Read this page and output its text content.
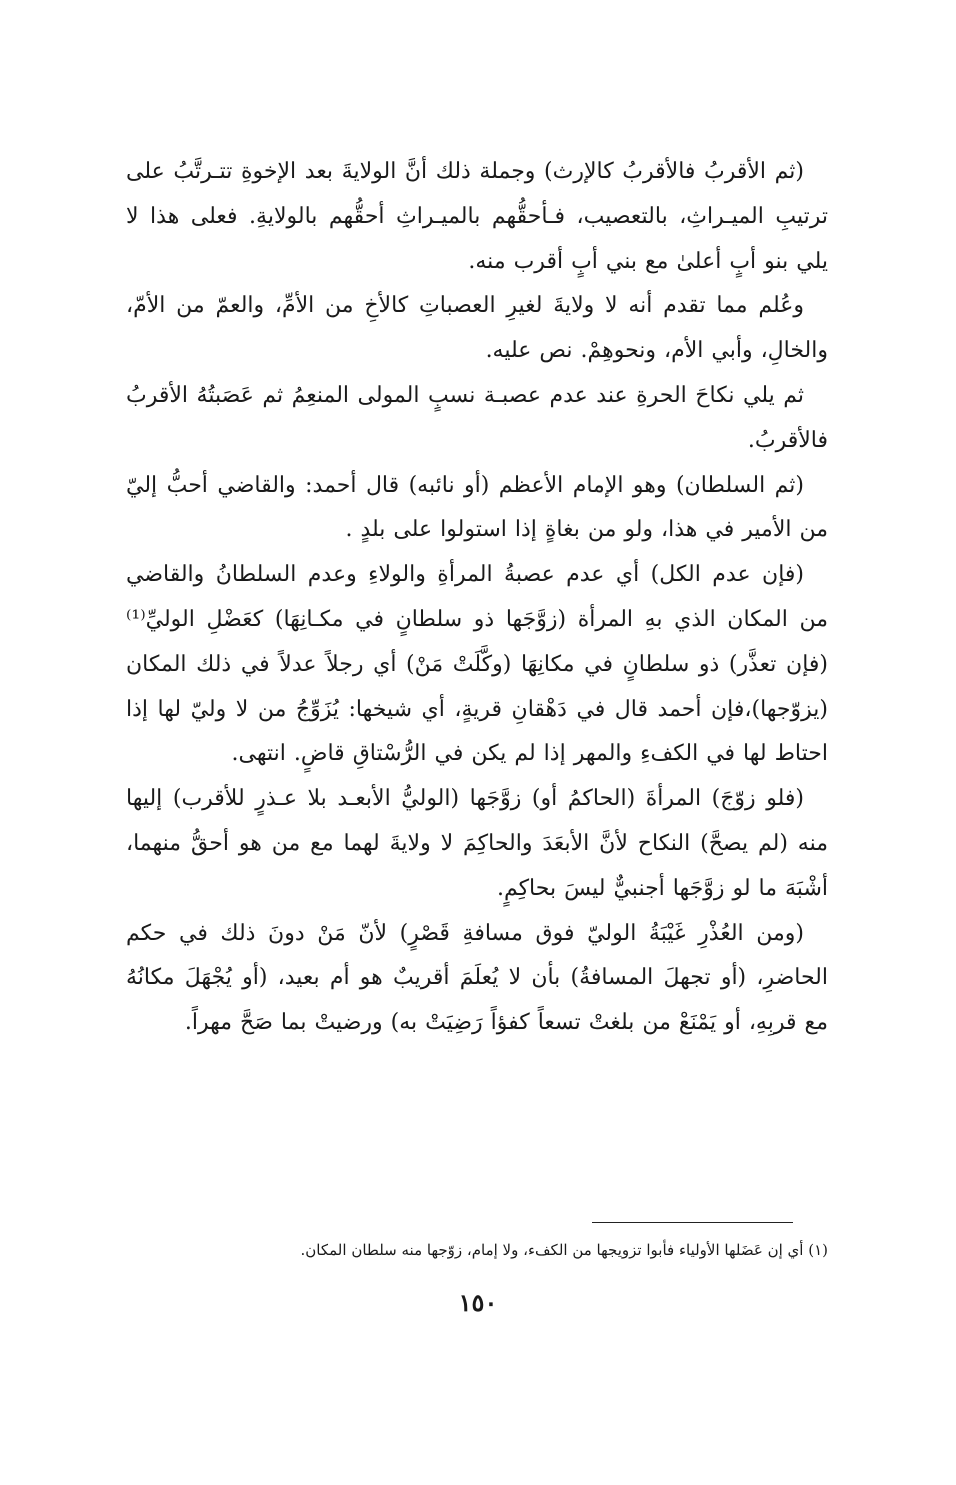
(ثم الأقربُ فالأقربُ كالإرث) وجملة ذلك أنَّ الولايةَ بعد الإخوةِ تتـرتَّبُ على ترتيبِ الميـراثِ، بالتعصيب، فـأحقُّهم بالميـراثِ أحقُّهم بالولايةِ. فعلى هذا لا يلي بنو أبٍ أعلىٰ مع بني أبٍ أقرب منه.

وعُلم مما تقدم أنه لا ولايةَ لغيرِ العصباتِ كالأخِ من الأمِّ، والعمّ من الأمّ، والخالِ، وأبي الأم، ونحوهِمْ. نص عليه.

ثم يلي نكاحَ الحرةِ عند عدم عصبـة نسبٍ المولى المنعِمُ ثم عَصَبتُهُ الأقربُ فالأقربُ.

(ثم السلطان) وهو الإمام الأعظم (أو نائبه) قال أحمد: والقاضي أحبُّ إليّ من الأمير في هذا، ولو من بغاةٍ إذا استولوا على بلدٍ .

(فإن عدم الكل) أي عدم عصبةُ المرأةِ والولاءِ وعدم السلطانُ والقاضي من المكان الذي بهِ المرأة (زوَّجَها ذو سلطانٍ في مكـانِهَا) كعَضْلِ الوليِّ⁽¹⁾ (فإن تعذَّر) ذو سلطانٍ في مكانِهَا (وكَّلَتْ مَنْ) أي رجلاً عدلاً في ذلك المكان (يزوّجها)،فإن أحمد قال في دَهْقانِ قريةٍ، أي شيخها: يُزَوِّجُ من لا وليّ لها إذا احتاط لها في الكفءِ والمهر إذا لم يكن في الرُّسْتاقِ قاضٍ. انتهى.

(فلو زوّجَ) المرأةَ (الحاكمُ أو) زوَّجَها (الوليُّ الأبعـد بلا عـذرٍ للأقرب) إليها منه (لم يصحَّ) النكاح لأنَّ الأبعَدَ والحاكِمَ لا ولايةَ لهما مع من هو أحقُّ منهما، أشْبَهَ ما لو زوَّجَها أجنبيٌّ ليسَ بحاكِمٍ.

(ومن العُذْرِ غَيْبَةُ الوليّ فوق مسافةِ قَصْرٍ) لأنّ مَنْ دونَ ذلك في حكم الحاضرِ، (أو تجهلَ المسافةُ) بأن لا يُعلَمَ أقريبٌ هو أم بعيد، (أو يُجْهَلَ مكانُهُ مع قربِهِ، أو يَمْنَعْ من بلغتْ تسعاً كفؤاً رَضِيَتْ به) ورضيتْ بما صَحَّ مهراً.

(١) أي إن عَضَلها الأولياء فأبوا تزويجها من الكفء، ولا إمام، زوّجها منه سلطان المكان.

١٥٠
